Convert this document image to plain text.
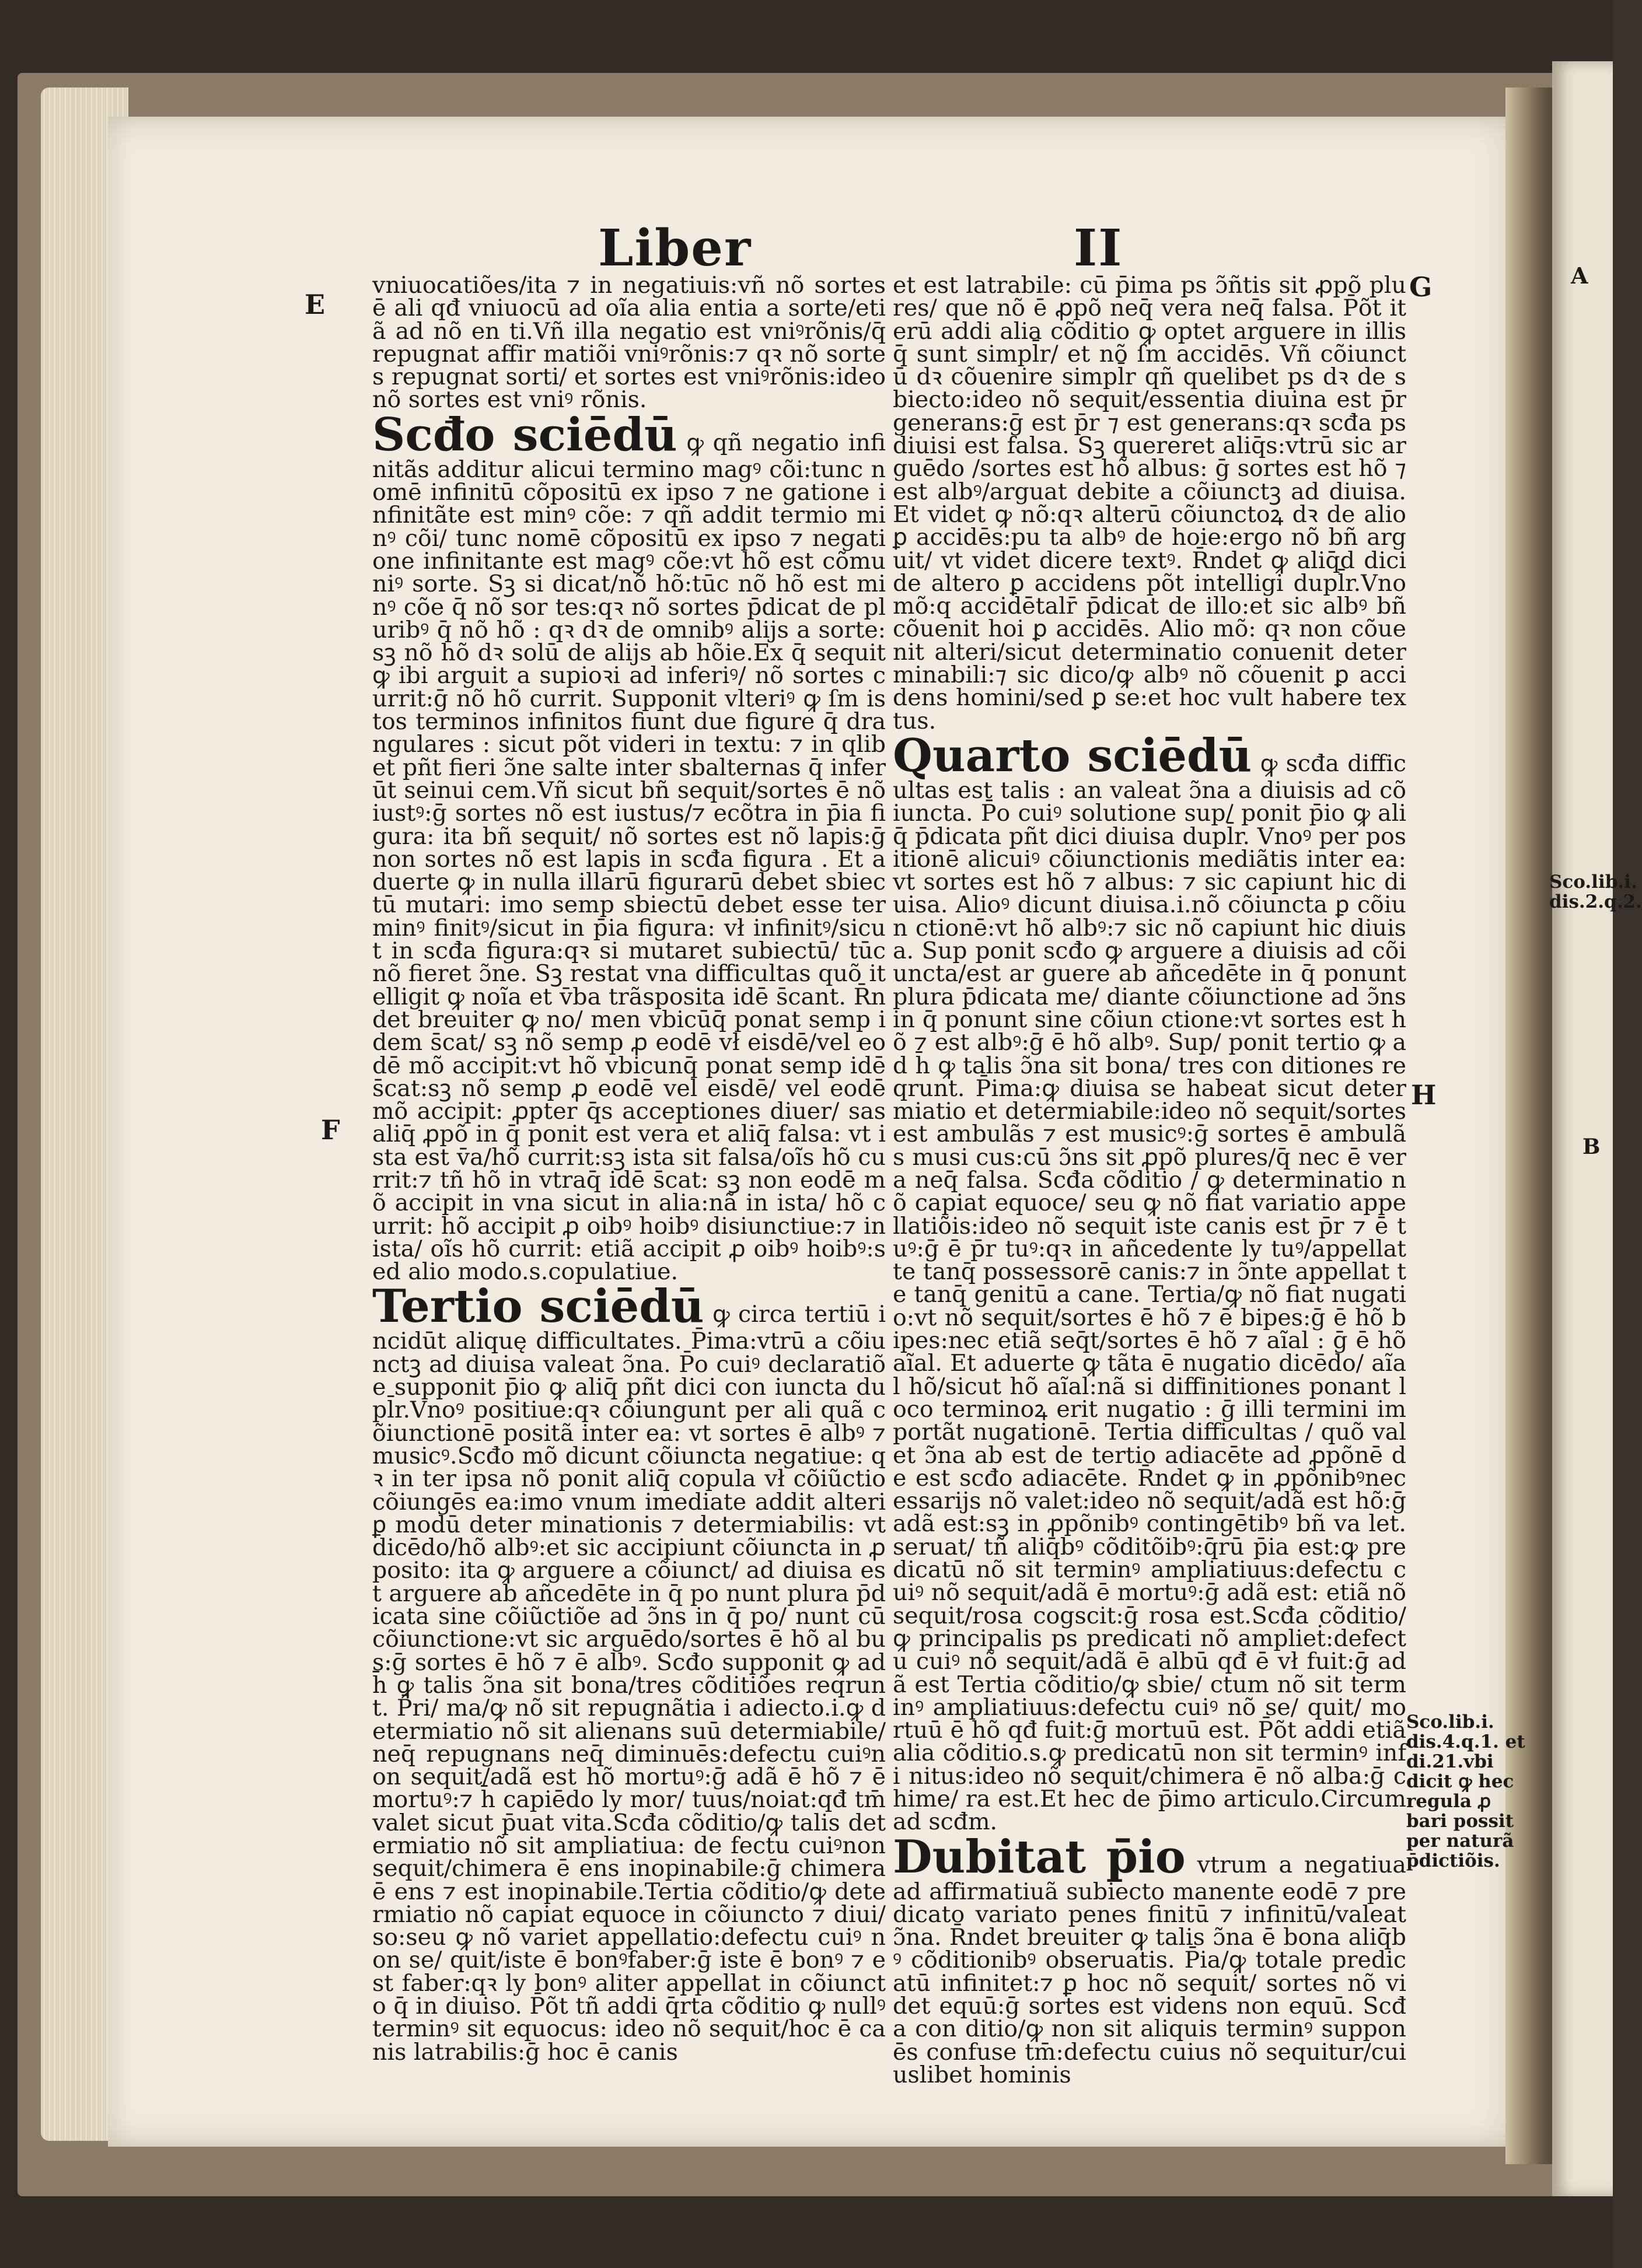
Liber	II
E
G
F
H
A
B

vniuocatiões/ita ⁊ in negatiuis:vñ nõ sortes ē ali qđ vniuocū ad oĩa alia entia a sorte/etiã ad nõ en ti.Vñ illa negatio est vniꝰrõnis/q̄ repugnat affir matiõi vniꝰrõnis:⁊ qꝛ nõ sortes repugnat sorti/ et sortes est vniꝰrõnis:ideo nõ sortes est vniꝰ rõnis.

Scđo sciēdū ꝙ qñ negatio infinitãs additur alicui termino magꝰ cõi:tunc nomē infinitū cõpositū ex ipso ⁊ ne gatione infinitãte est minꝰ cõe: ⁊ qñ addit termio minꝰ cõi/ tunc nomē cõpositū ex ipso ⁊ negatione infinitante est magꝰ cõe:vt hõ est cõmuniꝰ sorte. Sꝫ si dicat/nõ hõ:tūc nõ hõ est minꝰ cõe q̄ nõ sor tes:qꝛ nõ sortes p̄dicat de pluribꝰ q̄ nõ hõ : qꝛ dꝛ de omnibꝰ alijs a sorte:sꝫ nõ hõ dꝛ solū de alijs ab hõie.Ex q̄ sequit ꝙ ibi arguit a supioꝛi ad inferiꝰ/ nõ sortes currit:ḡ nõ hõ currit. Supponit vlteriꝰ ꝙ ſm istos terminos infinitos fiunt due figure q̄ drangulares : sicut põt videri in textu: ⁊ in qlibet pñt fieri ɔ̃ne salte inter sbalternas q̄ inferūt seinui cem.Vñ sicut bñ sequit/sortes ē nõ iustꝰ:ḡ sortes nõ est iustus/⁊ ecõtra in p̄ia figura: ita bñ sequit/ nõ sortes est nõ lapis:ḡ non sortes nõ est lapis in scđa figura . Et aduerte ꝙ in nulla illarū figurarū debet sbiectū mutari: imo semp sbiectū debet esse terminꝰ finitꝰ/sicut in p̄ia figura: vł infinitꝰ/sicut in scđa figura:qꝛ si mutaret subiectū/ tūc nõ fieret ɔ̃ne. Sꝫ restat vna difficultas quõ itelligit ꝙ noĩa et v̄ba trãsposita idē s̄cant. R̄ndet breuiter ꝙ no/ men vbicūq̄ ponat semp idem s̄cat/ sꝫ nõ semp ꝓ eodē vł eisdē/vel eodē mõ accipit:vt hõ vbicunq̄ ponat semp idē s̄cat:sꝫ nõ semp ꝓ eodē vel eisdē/ vel eodē mõ accipit: ꝓpter q̄s acceptiones diuer/ sas aliq̄ ꝓpõ in q̄ ponit est vera et aliq̄ falsa: vt ista est v̄a/hõ currit:sꝫ ista sit falsa/oĩs hõ currit:⁊ tñ hõ in vtraq̄ idē s̄cat: sꝫ non eodē mõ accipit in vna sicut in alia:nã in ista/ hõ currit: hõ accipit ꝓ oibꝰ hoibꝰ disiunctiue:⁊ in ista/ oĩs hõ currit: etiã accipit ꝓ oibꝰ hoibꝰ:sed alio modo.s.copulatiue.

Tertio sciēdū ꝙ circa tertiū incidūt aliquę difficultates. P̄ima:vtrū a cõiunctꝫ ad diuisa valeat ɔ̃na. P̄o cuiꝰ declaratiõe supponit p̄io ꝙ aliq̄ pñt dici con iuncta dupl̄r.Vnoꝰ positiue:qꝛ cõiungunt per ali quã cõiunctionē positã inter ea: vt sortes ē albꝰ ⁊ musicꝰ.Scđo mõ dicunt cõiuncta negatiue: qꝛ in ter ipsa nõ ponit aliq̄ copula vł cõiũctio cõiungēs ea:imo vnum imediate addit alteri ꝑ modū deter minationis ⁊ determiabilis: vt dicēdo/hõ albꝰ:et sic accipiunt cõiuncta in ꝓposito: ita ꝙ arguere a cõiunct/ ad diuisa est arguere ab añcedēte in q̄ po nunt plura p̄dicata sine cõiũctiõe ad ɔ̃ns in q̄ po/ nunt cū cõiunctione:vt sic arguēdo/sortes ē hõ al bus:ḡ sortes ē hõ ⁊ ē albꝰ. Scđo supponit ꝙ ad h̄ ꝙ talis ɔ̃na sit bona/tres cõditiões reqrunt. P̄ri/ ma/ꝙ nõ sit repugnãtia i adiecto.i.ꝙ determiatio nõ sit alienans suū determiabile/neq̄ repugnans neq̄ diminuēs:defectu cuiꝰnon sequit/adã est hõ mortuꝰ:ḡ adã ē hõ ⁊ ē mortuꝰ:⁊ h̄ capiēdo ly mor/ tuus/noiat:qđ tm̄ valet sicut p̄uat vita.Scđa cõditio/ꝙ talis determiatio nõ sit ampliatiua: de fectu cuiꝰnon sequit/chimera ē ens inopinabile:ḡ chimera ē ens ⁊ est inopinabile.Tertia cõditio/ꝙ determiatio nõ capiat equoce in cõiuncto ⁊ diui/ so:seu ꝙ nõ variet appellatio:defectu cuiꝰ non se/ quit/iste ē bonꝰfaber:ḡ iste ē bonꝰ ⁊ est faber:qꝛ ly bonꝰ aliter appellat in cõiuncto q̄ in diuiso. P̄õt tñ addi q̄rta cõditio ꝙ nullꝰ terminꝰ sit equocus: ideo nõ sequit/hoc ē canis latrabilis:ḡ hoc ē canis

et est latrabile: cū p̄ima ps ɔ̃ñtis sit ꝓpõ plures/ que nõ ē ꝓpõ neq̄ vera neq̄ falsa. P̄õt iterū addi alia cõditio ꝙ optet arguere in illis q̄ sunt simpl̄r/ et nõ ſm accidēs. Vñ cõiunctū dꝛ cõuenire simpl̄r qñ quelibet ps dꝛ de sbiecto:ideo nõ sequit/essentia diuina est p̄r generans:ḡ est p̄r ⁊ est generans:qꝛ scđa ps diuisi est falsa. Sꝫ quereret aliq̄s:vtrū sic arguēdo /sortes est hõ albus: ḡ sortes est hõ ⁊ est albꝰ/arguat debite a cõiunctꝫ ad diuisa. Et videt ꝙ nõ:qꝛ alterū cõiunctoꝝ dꝛ de alio ꝑ accidēs:pu ta albꝰ de hoie:ergo nõ bñ arguit/ vt videt dicere textꝰ. R̄ndet ꝙ aliq̄d dici de altero ꝑ accidens põt intelligi dupl̄r.Vno mõ:q accidētalr̄ p̄dicat de illo:et sic albꝰ bñ cõuenit hoi ꝑ accidēs. Alio mõ: qꝛ non cõuenit alteri/sicut determinatio conuenit determinabili:⁊ sic dico/ꝙ albꝰ nõ cõuenit ꝑ acci dens homini/sed ꝑ se:et hoc vult habere textus.

Quarto sciēdū ꝙ scđa difficultas est talis : an valeat ɔ̃na a diuisis ad cõiuncta. P̄o cuiꝰ solutione sup/ ponit p̄io ꝙ aliq̄ p̄dicata pñt dici diuisa dupl̄r. Vnoꝰ per positionē alicuiꝰ cõiunctionis mediãtis inter ea:vt sortes est hõ ⁊ albus: ⁊ sic capiunt hic diuisa. Alioꝰ dicunt diuisa.i.nõ cõiuncta ꝑ cõiun ctionē:vt hõ albꝰ:⁊ sic nõ capiunt hic diuisa. Sup ponit scđo ꝙ arguere a diuisis ad cõiuncta/est ar guere ab añcedēte in q̄ ponunt plura p̄dicata me/ diante cõiunctione ad ɔ̃ns in q̄ ponunt sine cõiun ctione:vt sortes est hõ ⁊ est albꝰ:ḡ ē hõ albꝰ. Sup/ ponit tertio ꝙ ad h̄ ꝙ talis ɔ̃na sit bona/ tres con ditiones reqrunt. P̄ima:ꝙ diuisa se habeat sicut determiatio et determiabile:ideo nõ sequit/sortes est ambulãs ⁊ est musicꝰ:ḡ sortes ē ambulãs musi cus:cū ɔ̃ns sit ꝓpõ plures/q̄ nec ē vera neq̄ falsa. Scđa cõditio / ꝙ determinatio nõ capiat equoce/ seu ꝙ nõ fiat variatio appellatiõis:ideo nõ sequit iste canis est p̄r ⁊ ē tuꝰ:ḡ ē p̄r tuꝰ:qꝛ in añcedente ly tuꝰ/appellat te tanq̄ possessorē canis:⁊ in ɔ̃nte appellat te tanq̄ genitū a cane. Tertia/ꝙ nõ fiat nugatio:vt nõ sequit/sortes ē hõ ⁊ ē bipes:ḡ ē hõ bipes:nec etiã seq̄t/sortes ē hõ ⁊ aĩal : ḡ ē hõ aĩal. Et aduerte ꝙ tãta ē nugatio dicēdo/ aĩal hõ/sicut hõ aĩal:nã si diffinitiones ponant loco terminoꝝ erit nugatio : ḡ illi termini importãt nugationē. Tertia difficultas / quõ valet ɔ̃na ab est de tertio adiacēte ad ꝓpõnē de est scđo adiacēte. R̄ndet ꝙ in ꝓpõnibꝰnecessarijs nõ valet:ideo nõ sequit/adã est hõ:ḡ adã est:sꝫ in ꝓpõnibꝰ contingētibꝰ bñ va let.seruat/ tñ aliq̄bꝰ cõditõibꝰ:q̄rū p̄ia est:ꝙ pre dicatū nõ sit terminꝰ ampliatiuus:defectu cuiꝰ nõ sequit/adã ē mortuꝰ:ḡ adã est: etiã nõ sequit/rosa cogscit:ḡ rosa est.Scđa cõditio/ꝙ principalis ps predicati nõ amplieṫ:defectu cuiꝰ nõ sequit/adã ē albū qđ ē vł fuit:ḡ adã est Tertia cõditio/ꝙ sbie/ ctum nõ sit terminꝰ ampliatiuus:defectu cuiꝰ nõ se/ quit/ mortuū ē hõ qđ fuit:ḡ mortuū est. P̄õt addi etiã alia cõditio.s.ꝙ predicatū non sit terminꝰ infi nitus:ideo nõ sequit/chimera ē nõ alba:ḡ chime/ ra est.Et hec de p̄imo articulo.Circum ad scđm.

Dubitat p̄io vtrum a negatiua ad affirmatiuã subiecto manente eodē ⁊ predicato variato penes finitū ⁊ infinitū/valeat ɔ̃na. R̄ndet breuiter ꝙ talis ɔ̃na ē bona aliq̄bꝰ cõditionibꝰ obseruatis. P̄ia/ꝙ totale predicatū infinitet:⁊ ꝑ hoc nõ sequit/ sortes nõ vi det equū:ḡ sortes est videns non equū. Scđa con ditio/ꝙ non sit aliquis terminꝰ supponēs confuse tm̄:defectu cuius nõ sequitur/cuiuslibet hominis

Sco.lib.i. dis.2.q.2.
Sco.lib.i. dis.4.q.1. et di.21.vbi dicit ꝙ hec regula ꝓ bari possit per naturã p̄dictiõis.
